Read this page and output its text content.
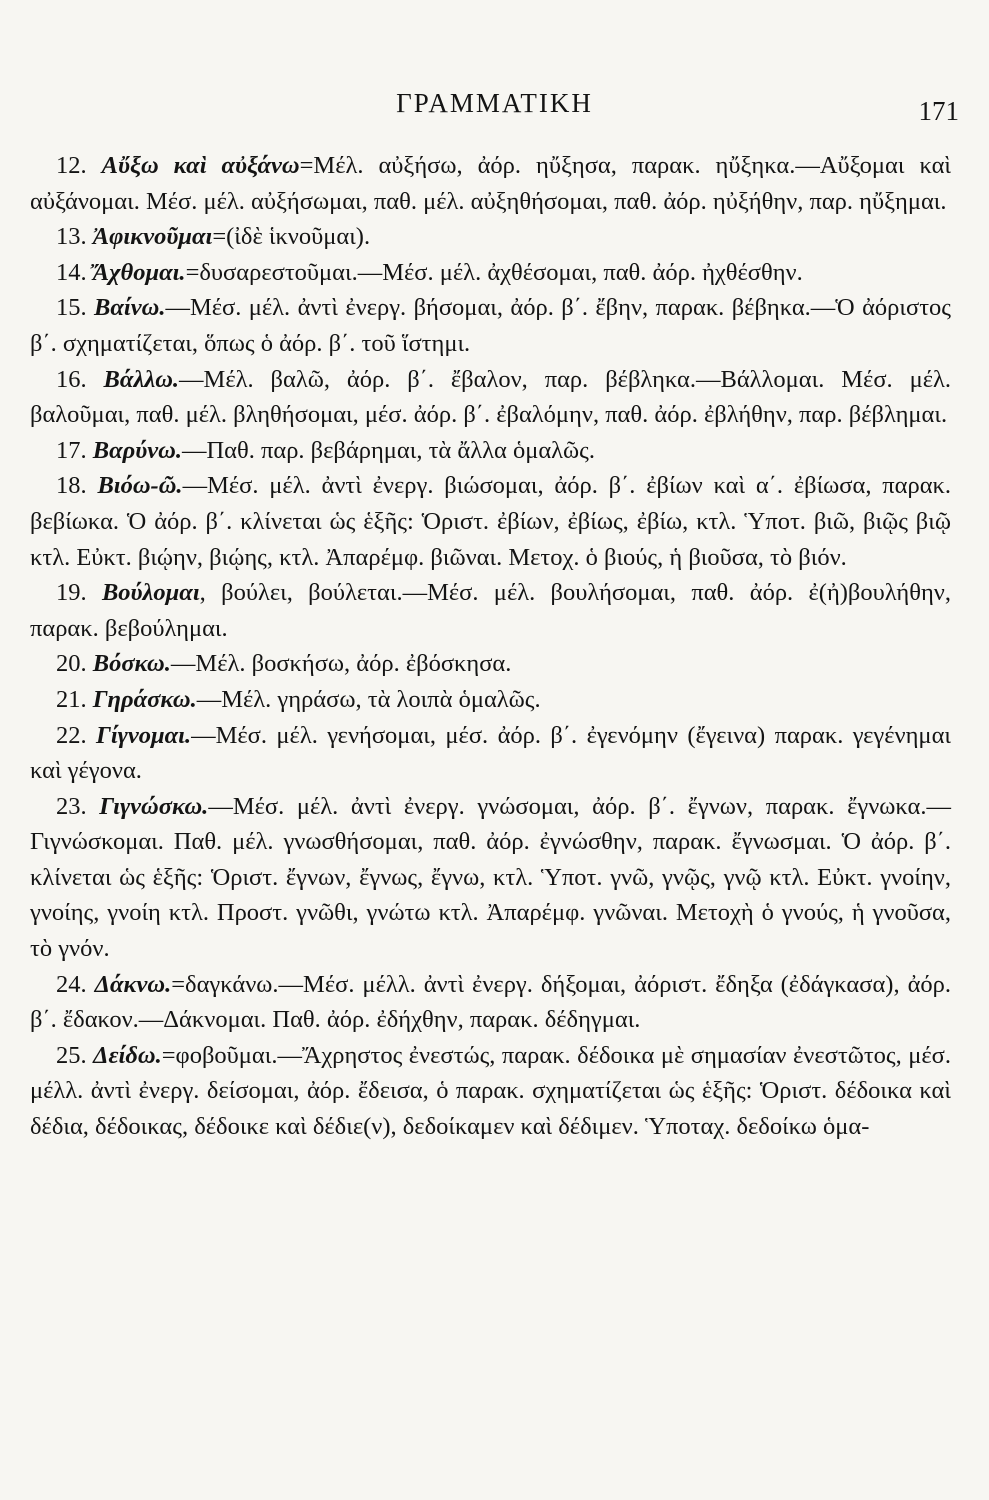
ΓΡΑΜΜΑΤΙΚΗ	171

12. Αὔξω καὶ αὐξάνω=Μέλ. αὐξήσω, ἀόρ. ηὔξησα, παρακ. ηὔξηκα.—Αὔξομαι καὶ αὐξάνομαι. Μέσ. μέλ. αὐξήσωμαι, παθ. μέλ. αὐξηθήσομαι, παθ. ἀόρ. ηὐξήθην, παρ. ηὔξημαι.

13. Ἀφικνοῦμαι=(ἰδὲ ἱκνοῦμαι).

14. Ἄχθομαι.=δυσαρεστοῦμαι.—Μέσ. μέλ. ἀχθέσομαι, παθ. ἀόρ. ἠχθέσθην.

15. Βαίνω.—Μέσ. μέλ. ἀντὶ ἐνεργ. βήσομαι, ἀόρ. β΄. ἔβην, παρακ. βέβηκα.—Ὁ ἀόριστος β΄. σχηματίζεται, ὅπως ὁ ἀόρ. β΄. τοῦ ἵστημι.

16. Βάλλω.—Μέλ. βαλῶ, ἀόρ. β΄. ἔβαλον, παρ. βέβληκα.—Βάλλομαι. Μέσ. μέλ. βαλοῦμαι, παθ. μέλ. βληθήσομαι, μέσ. ἀόρ. β΄. ἐβαλόμην, παθ. ἀόρ. ἐβλήθην, παρ. βέβλημαι.

17. Βαρύνω.—Παθ. παρ. βεβάρημαι, τὰ ἄλλα ὁμαλῶς.

18. Βιόω-ῶ.—Μέσ. μέλ. ἀντὶ ἐνεργ. βιώσομαι, ἀόρ. β΄. ἐβίων καὶ α΄. ἐβίωσα, παρακ. βεβίωκα. Ὁ ἀόρ. β΄. κλίνεται ὡς ἑξῆς: Ὁριστ. ἐβίων, ἐβίως, ἐβίω, κτλ. Ὑποτ. βιῶ, βιῷς βιῷ κτλ. Εὐκτ. βιῴην, βιῴης, κτλ. Ἀπαρέμφ. βιῶναι. Μετοχ. ὁ βιούς, ἡ βιοῦσα, τὸ βιόν.

19. Βούλομαι, βούλει, βούλεται.—Μέσ. μέλ. βουλήσομαι, παθ. ἀόρ. ἐ(ἠ)βουλήθην, παρακ. βεβούλημαι.

20. Βόσκω.—Μέλ. βοσκήσω, ἀόρ. ἐβόσκησα.

21. Γηράσκω.—Μέλ. γηράσω, τὰ λοιπὰ ὁμαλῶς.

22. Γίγνομαι.—Μέσ. μέλ. γενήσομαι, μέσ. ἀόρ. β΄. ἐγενόμην (ἔγεινα) παρακ. γεγένημαι καὶ γέγονα.

23. Γιγνώσκω.—Μέσ. μέλ. ἀντὶ ἐνεργ. γνώσομαι, ἀόρ. β΄. ἔγνων, παρακ. ἔγνωκα.—Γιγνώσκομαι. Παθ. μέλ. γνωσθήσομαι, παθ. ἀόρ. ἐγνώσθην, παρακ. ἔγνωσμαι. Ὁ ἀόρ. β΄. κλίνεται ὡς ἑξῆς: Ὁριστ. ἔγνων, ἔγνως, ἔγνω, κτλ. Ὑποτ. γνῶ, γνῷς, γνῷ κτλ. Εὐκτ. γνοίην, γνοίης, γνοίη κτλ. Προστ. γνῶθι, γνώτω κτλ. Ἀπαρέμφ. γνῶναι. Μετοχὴ ὁ γνούς, ἡ γνοῦσα, τὸ γνόν.

24. Δάκνω.=δαγκάνω.—Μέσ. μέλλ. ἀντὶ ἐνεργ. δήξομαι, ἀόριστ. ἔδηξα (ἐδάγκασα), ἀόρ. β΄. ἔδακον.—Δάκνομαι. Παθ. ἀόρ. ἐδήχθην, παρακ. δέδηγμαι.

25. Δείδω.=φοβοῦμαι.—Ἄχρηστος ἐνεστώς, παρακ. δέδοικα μὲ σημασίαν ἐνεστῶτος, μέσ. μέλλ. ἀντὶ ἐνεργ. δείσομαι, ἀόρ. ἔδεισα, ὁ παρακ. σχηματίζεται ὡς ἑξῆς: Ὁριστ. δέδοικα καὶ δέδια, δέδοικας, δέδοικε καὶ δέδιε(ν), δεδοίκαμεν καὶ δέδιμεν. Ὑποταχ. δεδοίκω ὁμα-
